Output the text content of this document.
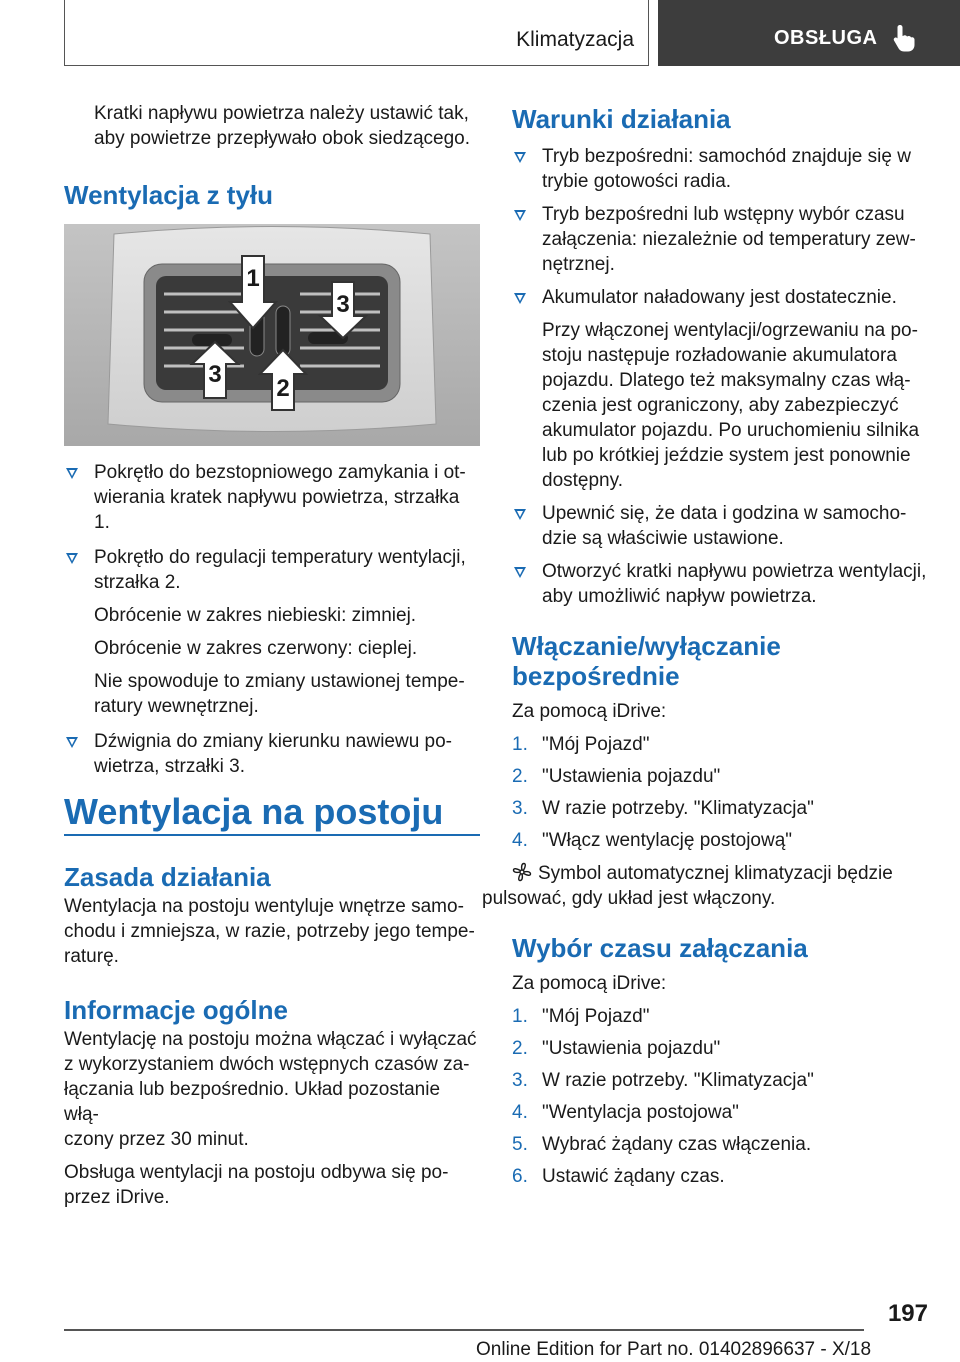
Klimatyzacja	OBSŁUGA
Kratki napływu powietrza należy ustawić tak,
aby powietrze przepływało obok siedzącego.
Wentylacja z tyłu
1
3
3
2
Pokrętło do bezstopniowego zamykania i ot-
wierania kratek napływu powietrza, strzałka 1.
Pokrętło do regulacji temperatury wentylacji,
strzałka 2.
Obrócenie w zakres niebieski: zimniej.
Obrócenie w zakres czerwony: cieplej.
Nie spowoduje to zmiany ustawionej tempe-
ratury wewnętrznej.
Dźwignia do zmiany kierunku nawiewu po-
wietrza, strzałki 3.
Wentylacja na postoju
Zasada działania
Wentylacja na postoju wentyluje wnętrze samo-
chodu i zmniejsza, w razie, potrzeby jego tempe-
raturę.
Informacje ogólne
Wentylację na postoju można włączać i wyłączać
z wykorzystaniem dwóch wstępnych czasów za-
łączania lub bezpośrednio. Układ pozostanie włą-
czony przez 30 minut.
Obsługa wentylacji na postoju odbywa się po-
przez iDrive.
Warunki działania
Tryb bezpośredni: samochód znajduje się w
trybie gotowości radia.
Tryb bezpośredni lub wstępny wybór czasu
załączenia: niezależnie od temperatury zew-
nętrznej.
Akumulator naładowany jest dostatecznie.
Przy włączonej wentylacji/ogrzewaniu na po-
stoju następuje rozładowanie akumulatora
pojazdu. Dlatego też maksymalny czas włą-
czenia jest ograniczony, aby zabezpieczyć
akumulator pojazdu. Po uruchomieniu silnika
lub po krótkiej jeździe system jest ponownie
dostępny.
Upewnić się, że data i godzina w samocho-
dzie są właściwie ustawione.
Otworzyć kratki napływu powietrza wentylacji,
aby umożliwić napływ powietrza.
Włączanie/wyłączanie
bezpośrednie
Za pomocą iDrive:
1. "Mój Pojazd"
2. "Ustawienia pojazdu"
3. W razie potrzeby. "Klimatyzacja"
4. "Włącz wentylację postojową"
Symbol automatycznej klimatyzacji będzie
pulsować, gdy układ jest włączony.
Wybór czasu załączania
Za pomocą iDrive:
1. "Mój Pojazd"
2. "Ustawienia pojazdu"
3. W razie potrzeby. "Klimatyzacja"
4. "Wentylacja postojowa"
5. Wybrać żądany czas włączenia.
6. Ustawić żądany czas.
197
Online Edition for Part no. 01402896637 - X/18
